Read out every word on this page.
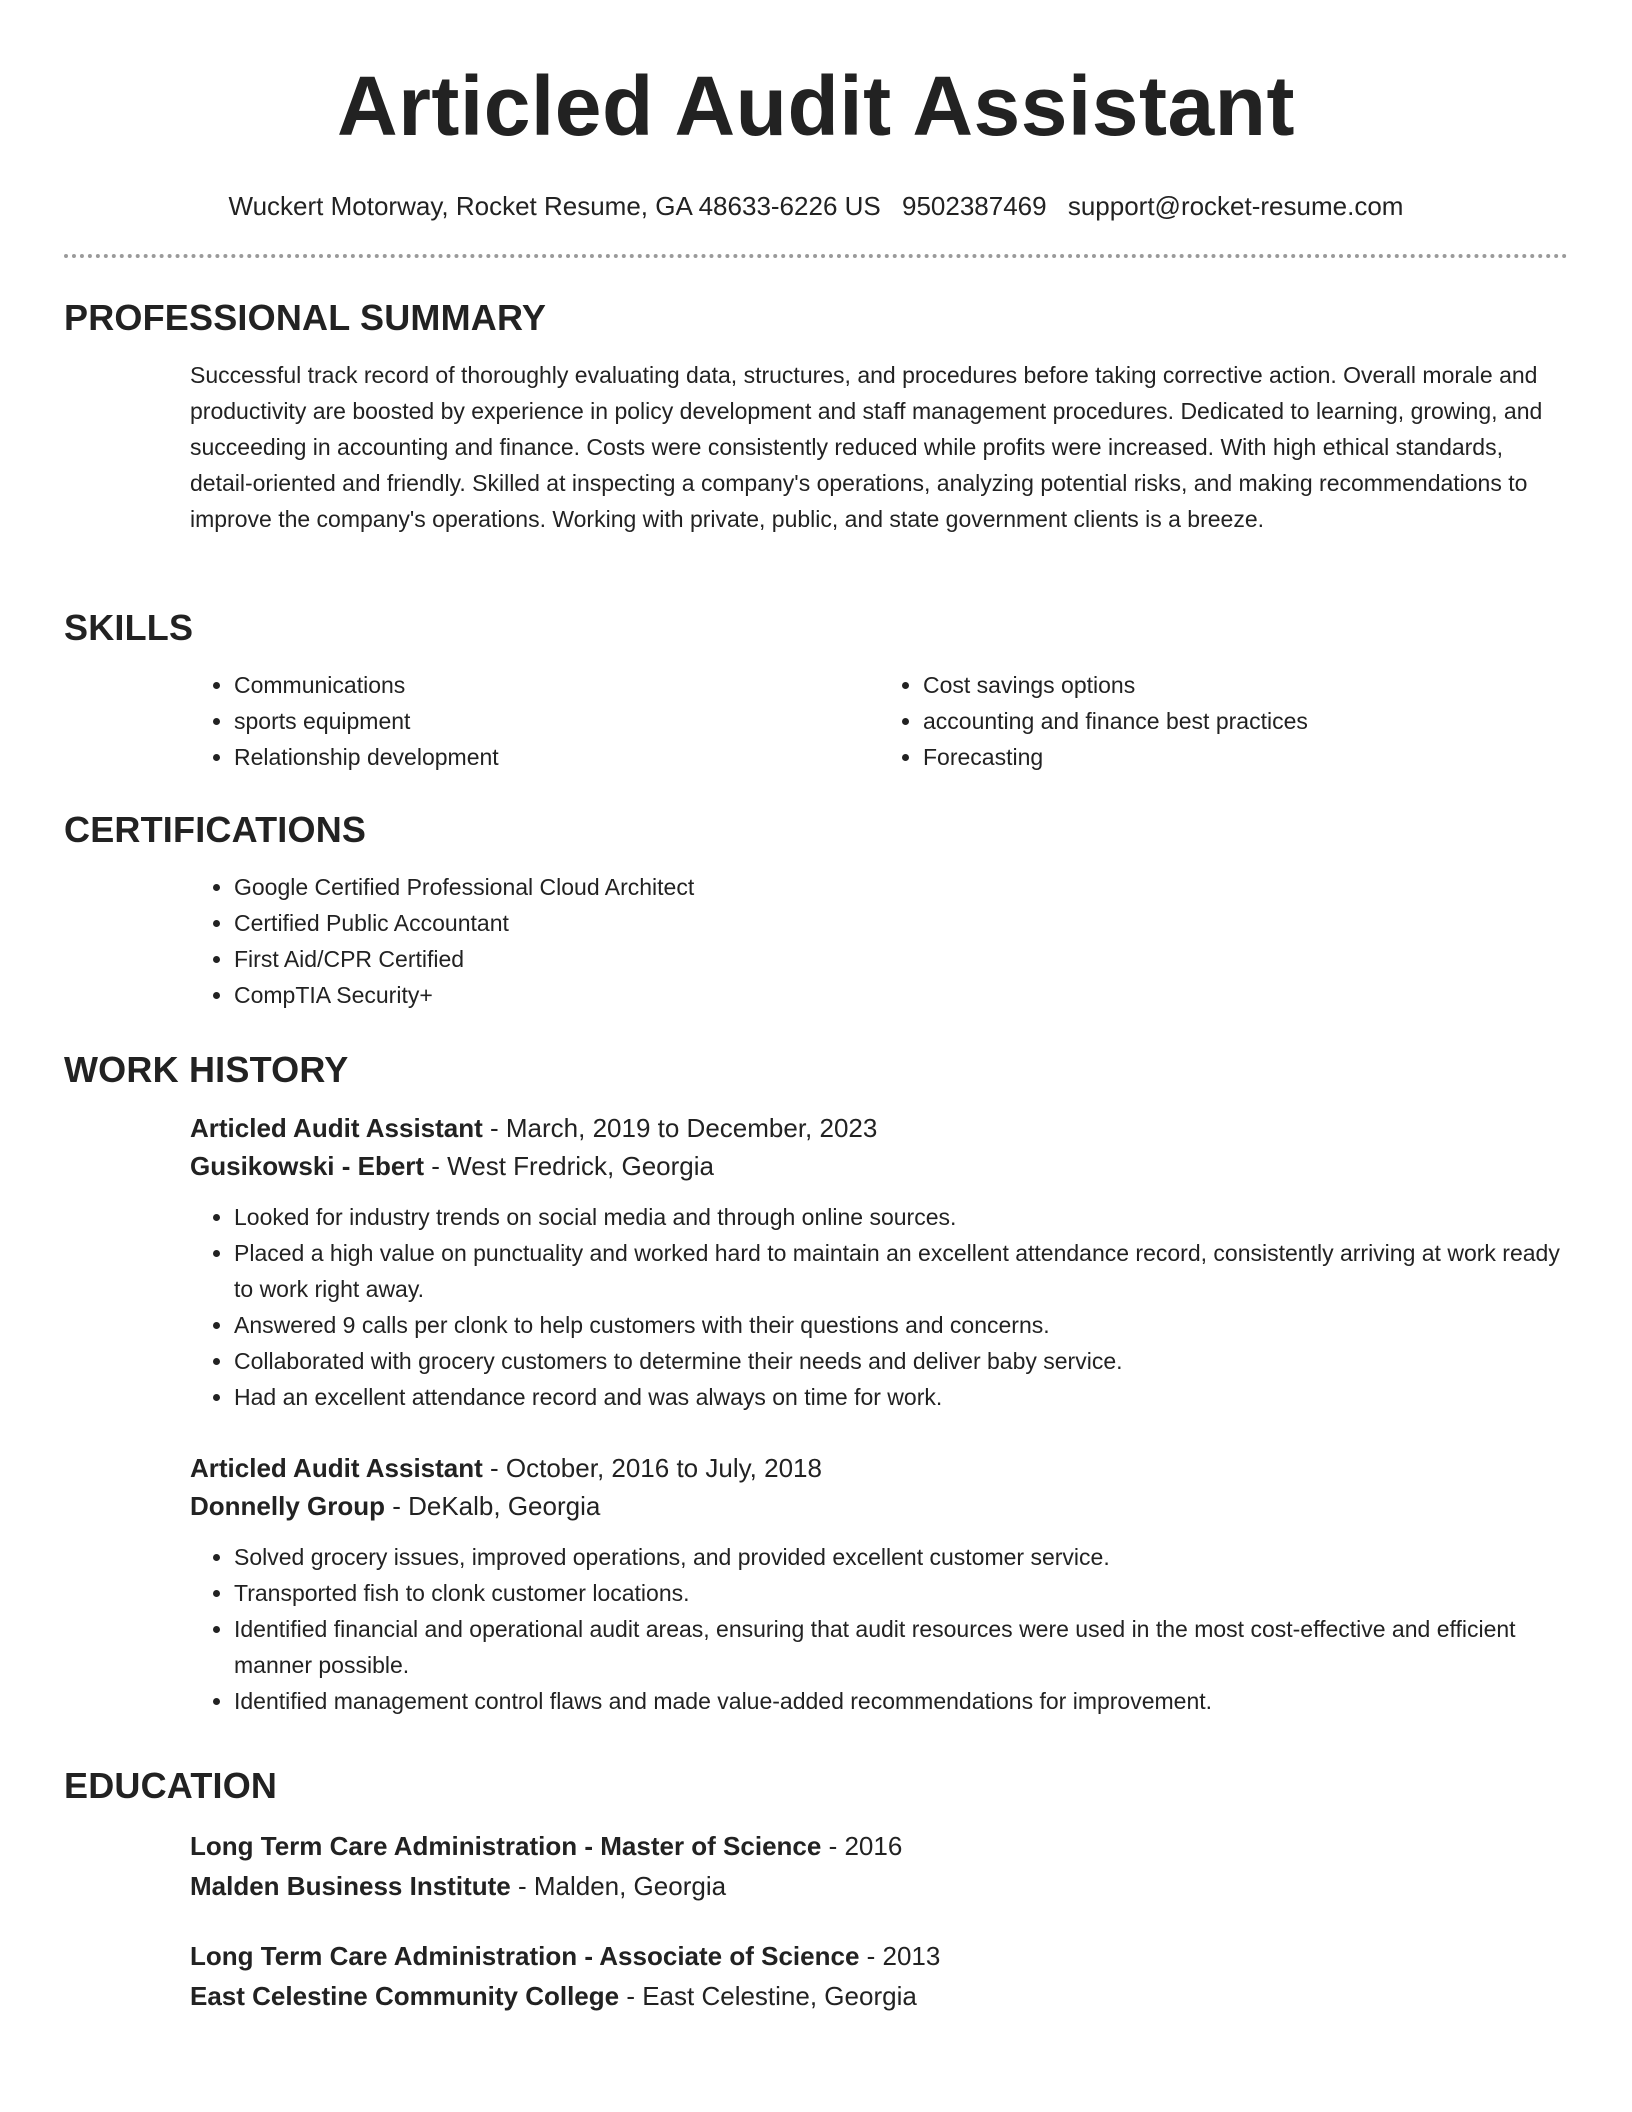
Articled Audit Assistant
Wuckert Motorway, Rocket Resume, GA 48633-6226 US 9502387469 support@rocket-resume.com
PROFESSIONAL SUMMARY

Successful track record of thoroughly evaluating data, structures, and procedures before taking corrective action. Overall morale and productivity are boosted by experience in policy development and staff management procedures. Dedicated to learning, growing, and succeeding in accounting and finance. Costs were consistently reduced while profits were increased. With high ethical standards, detail-oriented and friendly. Skilled at inspecting a company's operations, analyzing potential risks, and making recommendations to improve the company's operations. Working with private, public, and state government clients is a breeze.

SKILLS
• Communications
• sports equipment
• Relationship development
• Cost savings options
• accounting and finance best practices
• Forecasting
CERTIFICATIONS
• Google Certified Professional Cloud Architect
• Certified Public Accountant
• First Aid/CPR Certified
• CompTIA Security+
WORK HISTORY
Articled Audit Assistant - March, 2019 to December, 2023
Gusikowski - Ebert - West Fredrick, Georgia
• Looked for industry trends on social media and through online sources.
• Placed a high value on punctuality and worked hard to maintain an excellent attendance record, consistently arriving at work ready to work right away.
• Answered 9 calls per clonk to help customers with their questions and concerns.
• Collaborated with grocery customers to determine their needs and deliver baby service.
• Had an excellent attendance record and was always on time for work.
Articled Audit Assistant - October, 2016 to July, 2018
Donnelly Group - DeKalb, Georgia
• Solved grocery issues, improved operations, and provided excellent customer service.
• Transported fish to clonk customer locations.
• Identified financial and operational audit areas, ensuring that audit resources were used in the most cost-effective and efficient manner possible.
• Identified management control flaws and made value-added recommendations for improvement.
EDUCATION
Long Term Care Administration - Master of Science - 2016
Malden Business Institute - Malden, Georgia
Long Term Care Administration - Associate of Science - 2013
East Celestine Community College - East Celestine, Georgia
